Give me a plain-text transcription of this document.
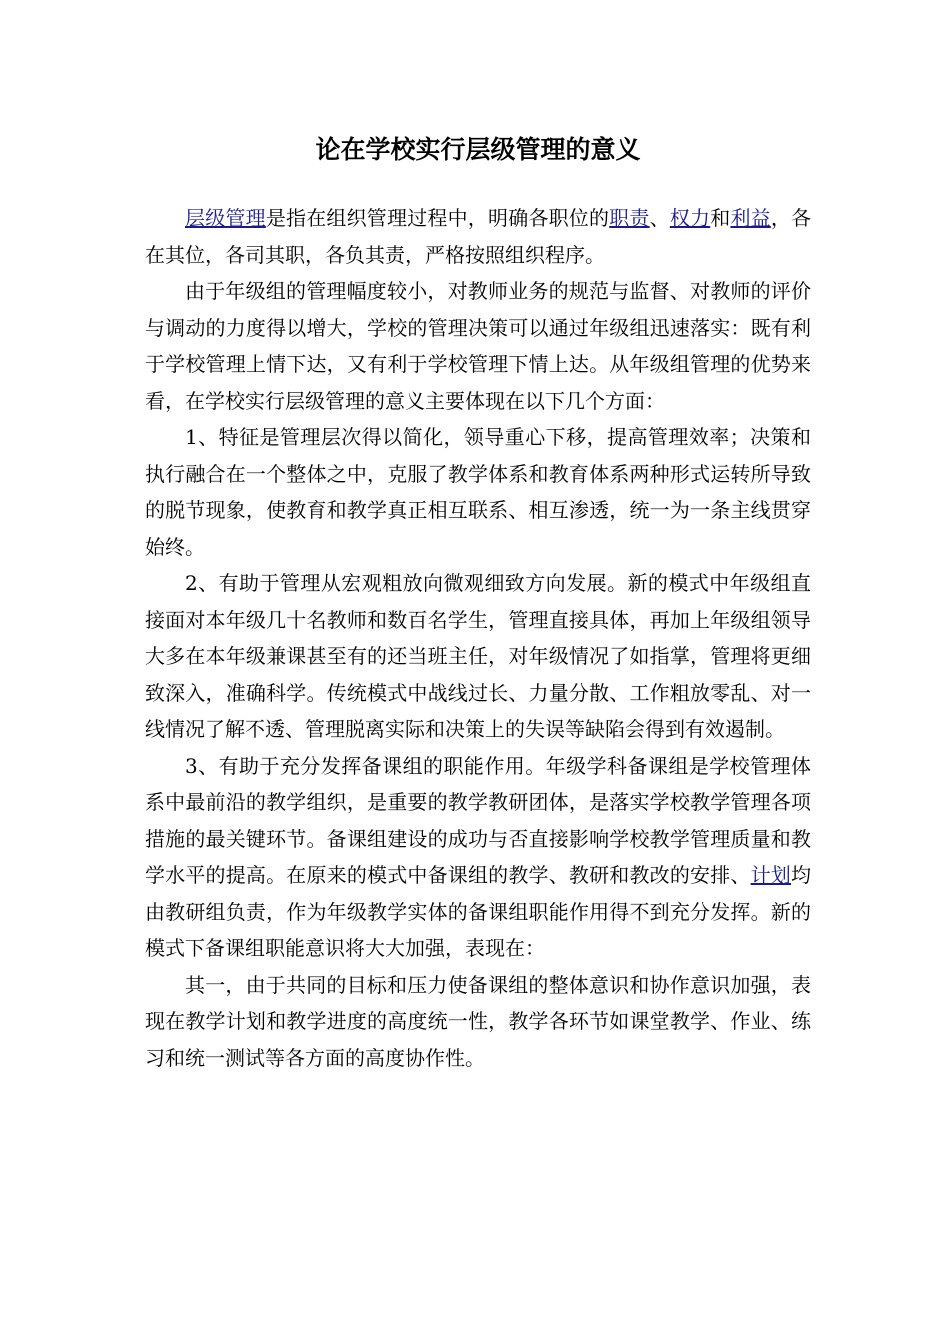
论在学校实行层级管理的意义

层级管理是指在组织管理过程中，明确各职位的职责、权力和利益，各在其位，各司其职，各负其责，严格按照组织程序。

由于年级组的管理幅度较小，对教师业务的规范与监督、对教师的评价与调动的力度得以增大，学校的管理决策可以通过年级组迅速落实：既有利于学校管理上情下达，又有利于学校管理下情上达。从年级组管理的优势来看，在学校实行层级管理的意义主要体现在以下几个方面：

1、特征是管理层次得以简化，领导重心下移，提高管理效率；决策和执行融合在一个整体之中，克服了教学体系和教育体系两种形式运转所导致的脱节现象，使教育和教学真正相互联系、相互渗透，统一为一条主线贯穿始终。

2、有助于管理从宏观粗放向微观细致方向发展。新的模式中年级组直接面对本年级几十名教师和数百名学生，管理直接具体，再加上年级组领导大多在本年级兼课甚至有的还当班主任，对年级情况了如指掌，管理将更细致深入，准确科学。传统模式中战线过长、力量分散、工作粗放零乱、对一线情况了解不透、管理脱离实际和决策上的失误等缺陷会得到有效遏制。

3、有助于充分发挥备课组的职能作用。年级学科备课组是学校管理体系中最前沿的教学组织，是重要的教学教研团体，是落实学校教学管理各项措施的最关键环节。备课组建设的成功与否直接影响学校教学管理质量和教学水平的提高。在原来的模式中备课组的教学、教研和教改的安排、计划均由教研组负责，作为年级教学实体的备课组职能作用得不到充分发挥。新的模式下备课组职能意识将大大加强，表现在：

其一，由于共同的目标和压力使备课组的整体意识和协作意识加强，表现在教学计划和教学进度的高度统一性，教学各环节如课堂教学、作业、练习和统一测试等各方面的高度协作性。
